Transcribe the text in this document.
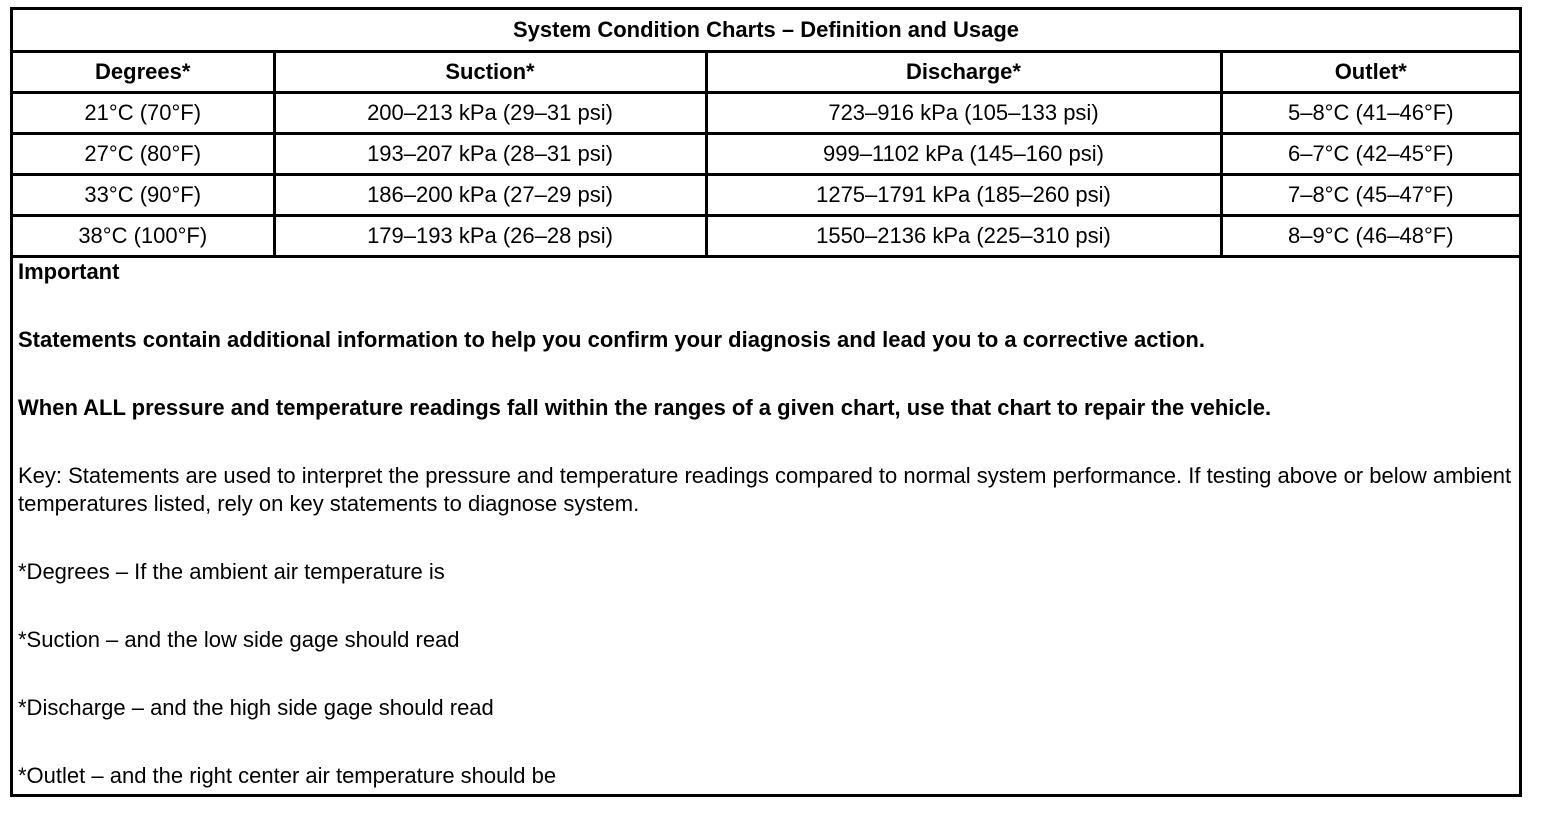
System Condition Charts – Definition and Usage			
Degrees*	Suction*	Discharge*	Outlet*
21°C (70°F)	200–213 kPa (29–31 psi)	723–916 kPa (105–133 psi)	5–8°C (41–46°F)
27°C (80°F)	193–207 kPa (28–31 psi)	999–1102 kPa (145–160 psi)	6–7°C (42–45°F)
33°C (90°F)	186–200 kPa (27–29 psi)	1275–1791 kPa (185–260 psi)	7–8°C (45–47°F)
38°C (100°F)	179–193 kPa (26–28 psi)	1550–2136 kPa (225–310 psi)	8–9°C (46–48°F)

Important

Statements contain additional information to help you confirm your diagnosis and lead you to a corrective action.

When ALL pressure and temperature readings fall within the ranges of a given chart, use that chart to repair the vehicle.

Key: Statements are used to interpret the pressure and temperature readings compared to normal system performance. If testing above or below ambient temperatures listed, rely on key statements to diagnose system.

*Degrees – If the ambient air temperature is

*Suction – and the low side gage should read

*Discharge – and the high side gage should read

*Outlet – and the right center air temperature should be
